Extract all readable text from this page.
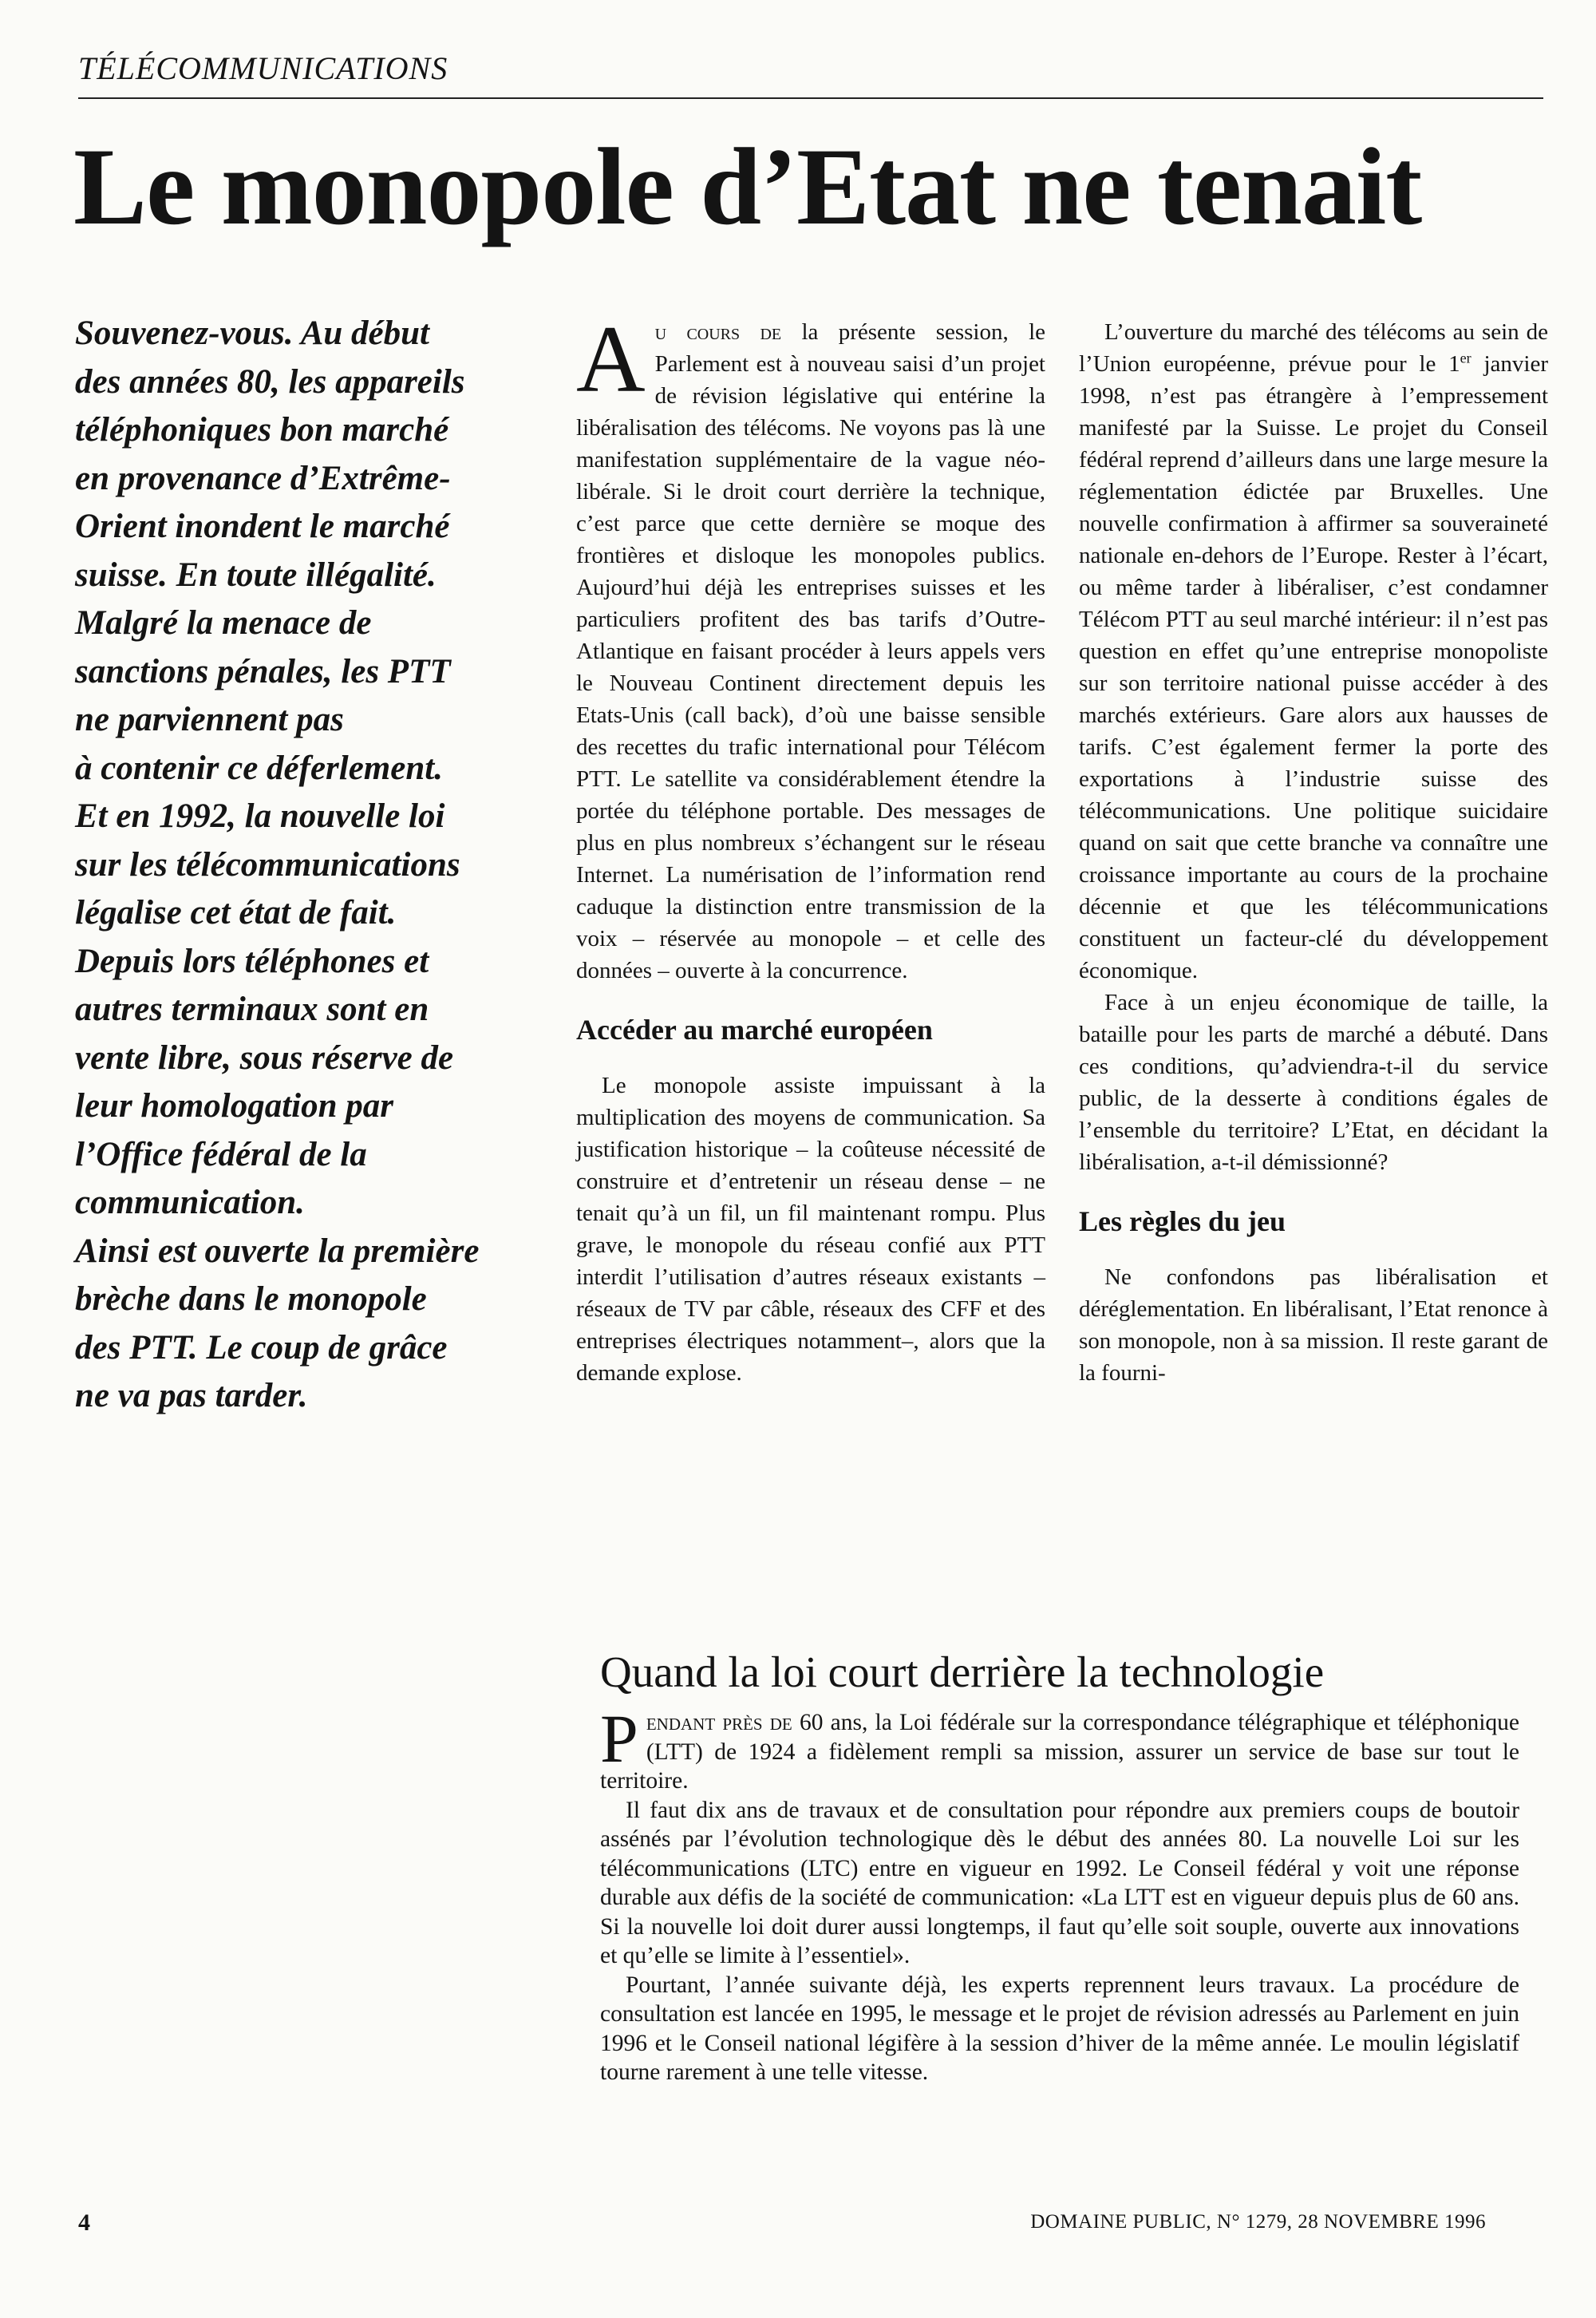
TÉLÉCOMMUNICATIONS
Le monopole d’Etat ne tenait
Souvenez-vous. Au début
des années 80, les appareils
téléphoniques bon marché
en provenance d’Extrême-
Orient inondent le marché
suisse. En toute illégalité.
Malgré la menace de
sanctions pénales, les PTT
ne parviennent pas
à contenir ce déferlement.
Et en 1992, la nouvelle loi
sur les télécommunications
légalise cet état de fait.
Depuis lors téléphones et
autres terminaux sont en
vente libre, sous réserve de
leur homologation par
l’Office fédéral de la
communication.
Ainsi est ouverte la première
brèche dans le monopole
des PTT. Le coup de grâce
ne va pas tarder.

Au cours de la présente session, le Parlement est à nouveau saisi d’un projet de révision législative qui entérine la libéralisation des télécoms. Ne voyons pas là une manifestation supplémentaire de la vague néo-libérale. Si le droit court derrière la technique, c’est parce que cette dernière se moque des frontières et disloque les monopoles publics. Aujourd’hui déjà les entreprises suisses et les particuliers profitent des bas tarifs d’Outre-Atlantique en faisant procéder à leurs appels vers le Nouveau Continent directement depuis les Etats-Unis (call back), d’où une baisse sensible des recettes du trafic international pour Télécom PTT. Le satellite va considérablement étendre la portée du téléphone portable. Des messages de plus en plus nombreux s’échangent sur le réseau Internet. La numérisation de l’information rend caduque la distinction entre transmission de la voix – réservée au monopole – et celle des données – ouverte à la concurrence.

Accéder au marché européen

Le monopole assiste impuissant à la multiplication des moyens de communication. Sa justification historique – la coûteuse nécessité de construire et d’entretenir un réseau dense – ne tenait qu’à un fil, un fil maintenant rompu. Plus grave, le monopole du réseau confié aux PTT interdit l’utilisation d’autres réseaux existants – réseaux de TV par câble, réseaux des CFF et des entreprises électriques notamment–, alors que la demande explose.

L’ouverture du marché des télécoms au sein de l’Union européenne, prévue pour le 1er janvier 1998, n’est pas étrangère à l’empressement manifesté par la Suisse. Le projet du Conseil fédéral reprend d’ailleurs dans une large mesure la réglementation édictée par Bruxelles. Une nouvelle confirmation à affirmer sa souveraineté nationale en-dehors de l’Europe. Rester à l’écart, ou même tarder à libéraliser, c’est condamner Télécom PTT au seul marché intérieur: il n’est pas question en effet qu’une entreprise monopoliste sur son territoire national puisse accéder à des marchés extérieurs. Gare alors aux hausses de tarifs. C’est également fermer la porte des exportations à l’industrie suisse des télécommunications. Une politique suicidaire quand on sait que cette branche va connaître une croissance importante au cours de la prochaine décennie et que les télécommunications constituent un facteur-clé du développement économique.

Face à un enjeu économique de taille, la bataille pour les parts de marché a débuté. Dans ces conditions, qu’adviendra-t-il du service public, de la desserte à conditions égales de l’ensemble du territoire? L’Etat, en décidant la libéralisation, a-t-il démissionné?

Les règles du jeu

Ne confondons pas libéralisation et déréglementation. En libéralisant, l’Etat renonce à son monopole, non à sa mission. Il reste garant de la fourni-

Quand la loi court derrière la technologie

Pendant près de 60 ans, la Loi fédérale sur la correspondance télégraphique et téléphonique (LTT) de 1924 a fidèlement rempli sa mission, assurer un service de base sur tout le territoire.

Il faut dix ans de travaux et de consultation pour répondre aux premiers coups de boutoir assénés par l’évolution technologique dès le début des années 80. La nouvelle Loi sur les télécommunications (LTC) entre en vigueur en 1992. Le Conseil fédéral y voit une réponse durable aux défis de la société de communication: «La LTT est en vigueur depuis plus de 60 ans. Si la nouvelle loi doit durer aussi longtemps, il faut qu’elle soit souple, ouverte aux innovations et qu’elle se limite à l’essentiel».

Pourtant, l’année suivante déjà, les experts reprennent leurs travaux. La procédure de consultation est lancée en 1995, le message et le projet de révision adressés au Parlement en juin 1996 et le Conseil national légifère à la session d’hiver de la même année. Le moulin législatif tourne rarement à une telle vitesse.

4	DOMAINE PUBLIC, N° 1279, 28 NOVEMBRE 1996
